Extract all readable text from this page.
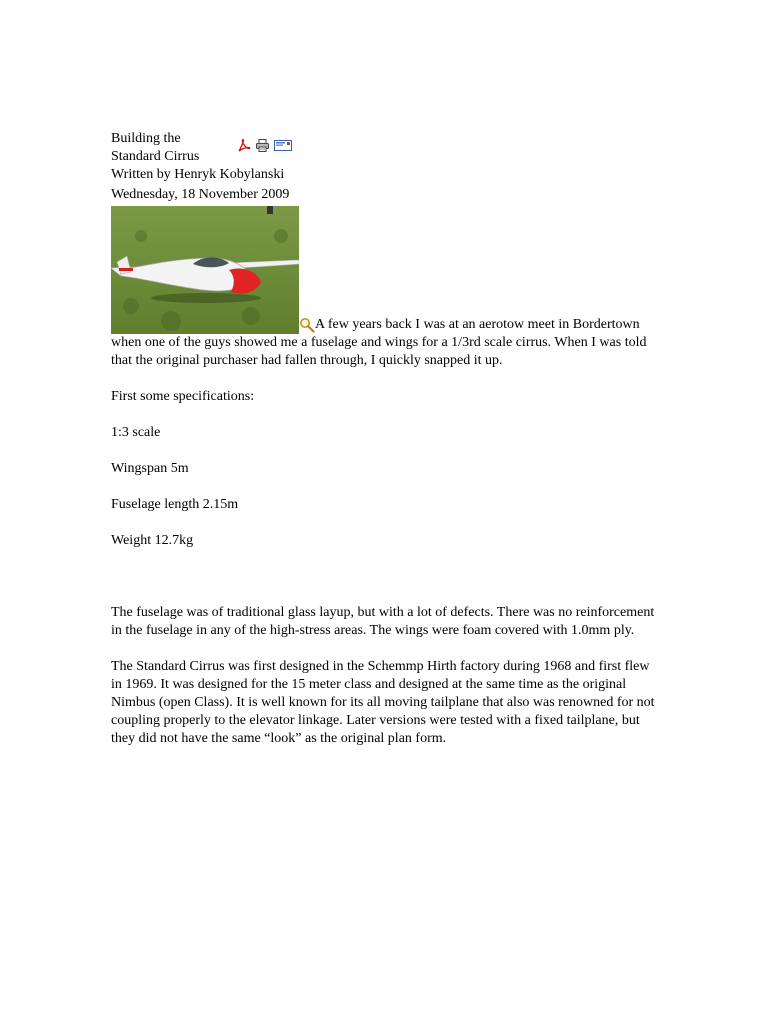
Building the Standard Cirrus
Written by Henryk Kobylanski
Wednesday, 18 November 2009
A few years back I was at an aerotow meet in Bordertown when one of the guys showed me a fuselage and wings for a 1/3rd scale cirrus. When I was told that the original purchaser had fallen through, I quickly snapped it up.

First some specifications:

1:3 scale

Wingspan 5m

Fuselage length 2.15m

Weight 12.7kg

The fuselage was of traditional glass layup, but with a lot of defects. There was no reinforcement in the fuselage in any of the high-stress areas. The wings were foam covered with 1.0mm ply.

The Standard Cirrus was first designed in the Schemmp Hirth factory during 1968 and first flew in 1969. It was designed for the 15 meter class and designed at the same time as the original Nimbus (open Class). It is well known for its all moving tailplane that also was renowned for not coupling properly to the elevator linkage. Later versions were tested with a fixed tailplane, but they did not have the same “look” as the original plan form.
